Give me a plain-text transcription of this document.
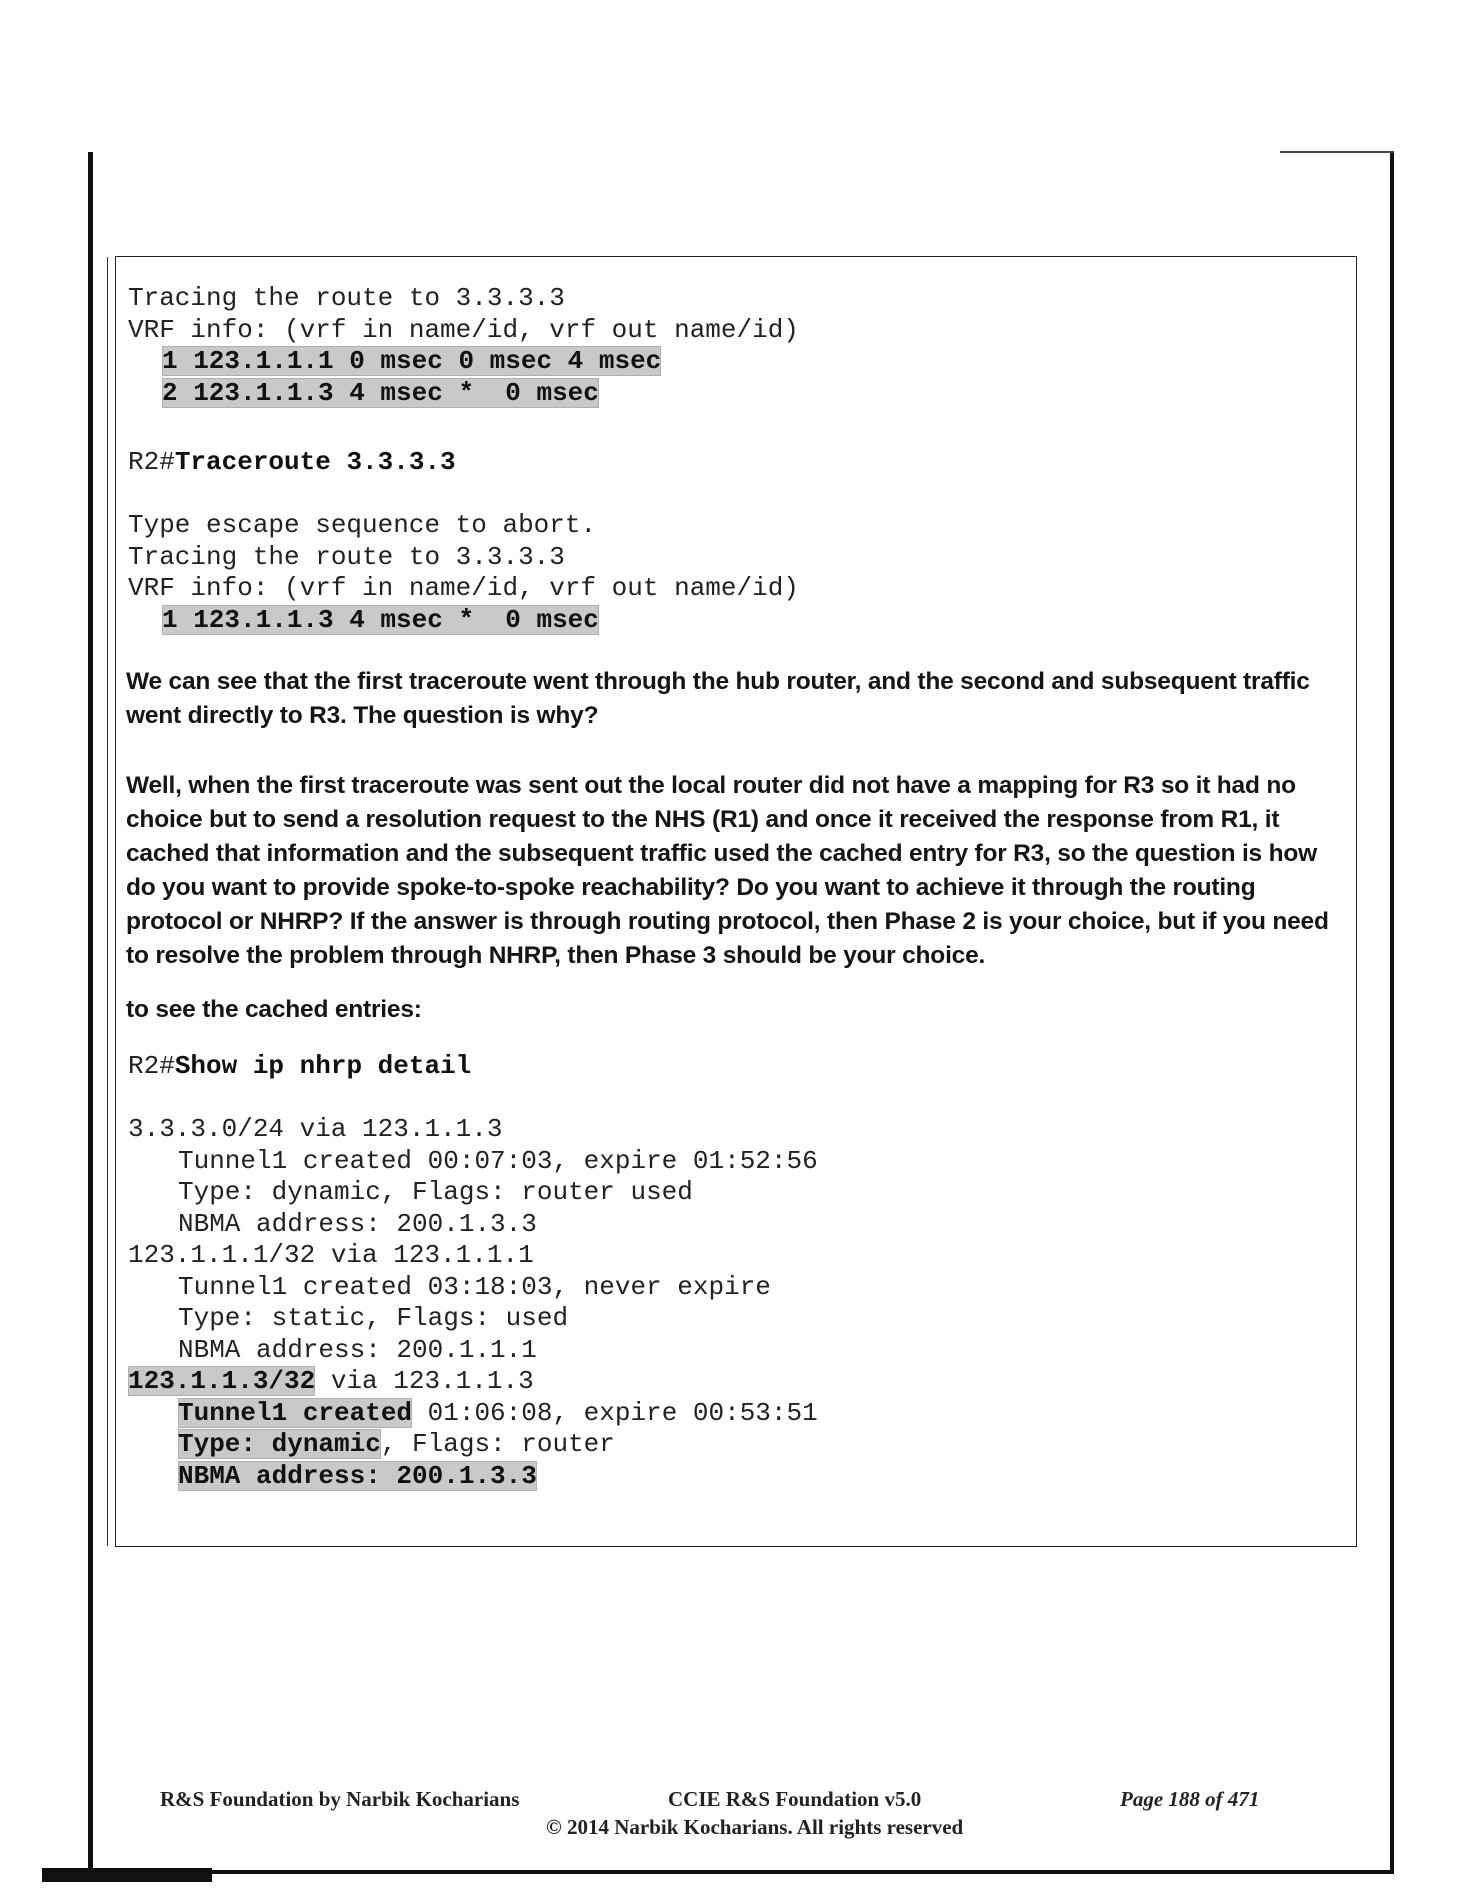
Tracing the route to 3.3.3.3
VRF info: (vrf in name/id, vrf out name/id)
1 123.1.1.1 0 msec 0 msec 4 msec
2 123.1.1.3 4 msec *  0 msec
R2#Traceroute 3.3.3.3
Type escape sequence to abort.
Tracing the route to 3.3.3.3
VRF info: (vrf in name/id, vrf out name/id)
1 123.1.1.3 4 msec *  0 msec

We can see that the first traceroute went through the hub router, and the second and subsequent traffic went directly to R3. The question is why?

Well, when the first traceroute was sent out the local router did not have a mapping for R3 so it had no choice but to send a resolution request to the NHS (R1) and once it received the response from R1, it cached that information and the subsequent traffic used the cached entry for R3, so the question is how do you want to provide spoke-to-spoke reachability? Do you want to achieve it through the routing protocol or NHRP? If the answer is through routing protocol, then Phase 2 is your choice, but if you need to resolve the problem through NHRP, then Phase 3 should be your choice.

to see the cached entries:

R2#Show ip nhrp detail
3.3.3.0/24 via 123.1.1.3
Tunnel1 created 00:07:03, expire 01:52:56
Type: dynamic, Flags: router used
NBMA address: 200.1.3.3
123.1.1.1/32 via 123.1.1.1
Tunnel1 created 03:18:03, never expire
Type: static, Flags: used
NBMA address: 200.1.1.1
123.1.1.3/32 via 123.1.1.3
Tunnel1 created 01:06:08, expire 00:53:51
Type: dynamic, Flags: router
NBMA address: 200.1.3.3
R&S Foundation by Narbik Kocharians	CCIE R&S Foundation v5.0	Page 188 of 471
© 2014 Narbik Kocharians. All rights reserved
